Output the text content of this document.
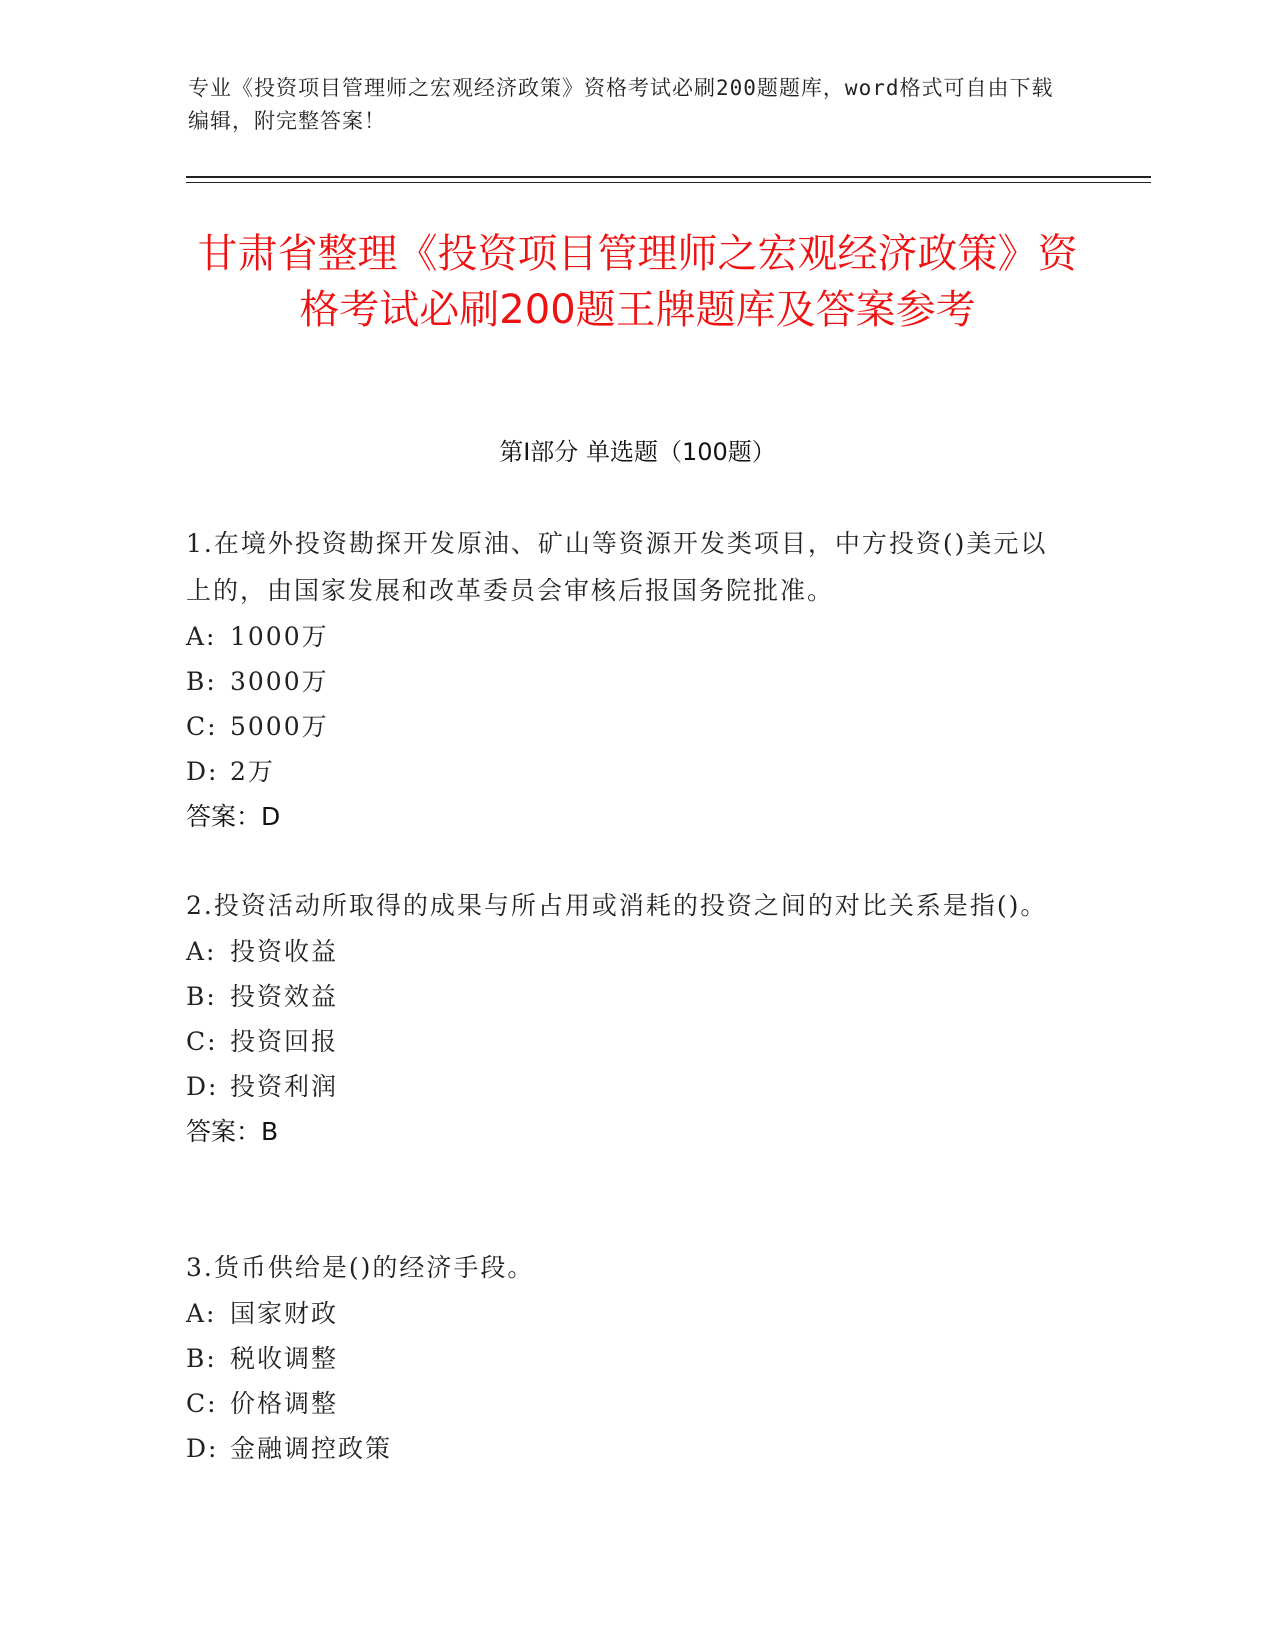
专业《投资项目管理师之宏观经济政策》资格考试必刷200题题库，word格式可自由下载编辑，附完整答案！
甘肃省整理《投资项目管理师之宏观经济政策》资格考试必刷200题王牌题库及答案参考
第I部分 单选题（100题）

1.在境外投资勘探开发原油、矿山等资源开发类项目，中方投资()美元以上的，由国家发展和改革委员会审核后报国务院批准。

A: 1000万

B: 3000万

C: 5000万

D: 2万

答案：D

2.投资活动所取得的成果与所占用或消耗的投资之间的对比关系是指()。

A: 投资收益

B: 投资效益

C: 投资回报

D: 投资利润

答案：B

3.货币供给是()的经济手段。

A: 国家财政

B: 税收调整

C: 价格调整

D: 金融调控政策
